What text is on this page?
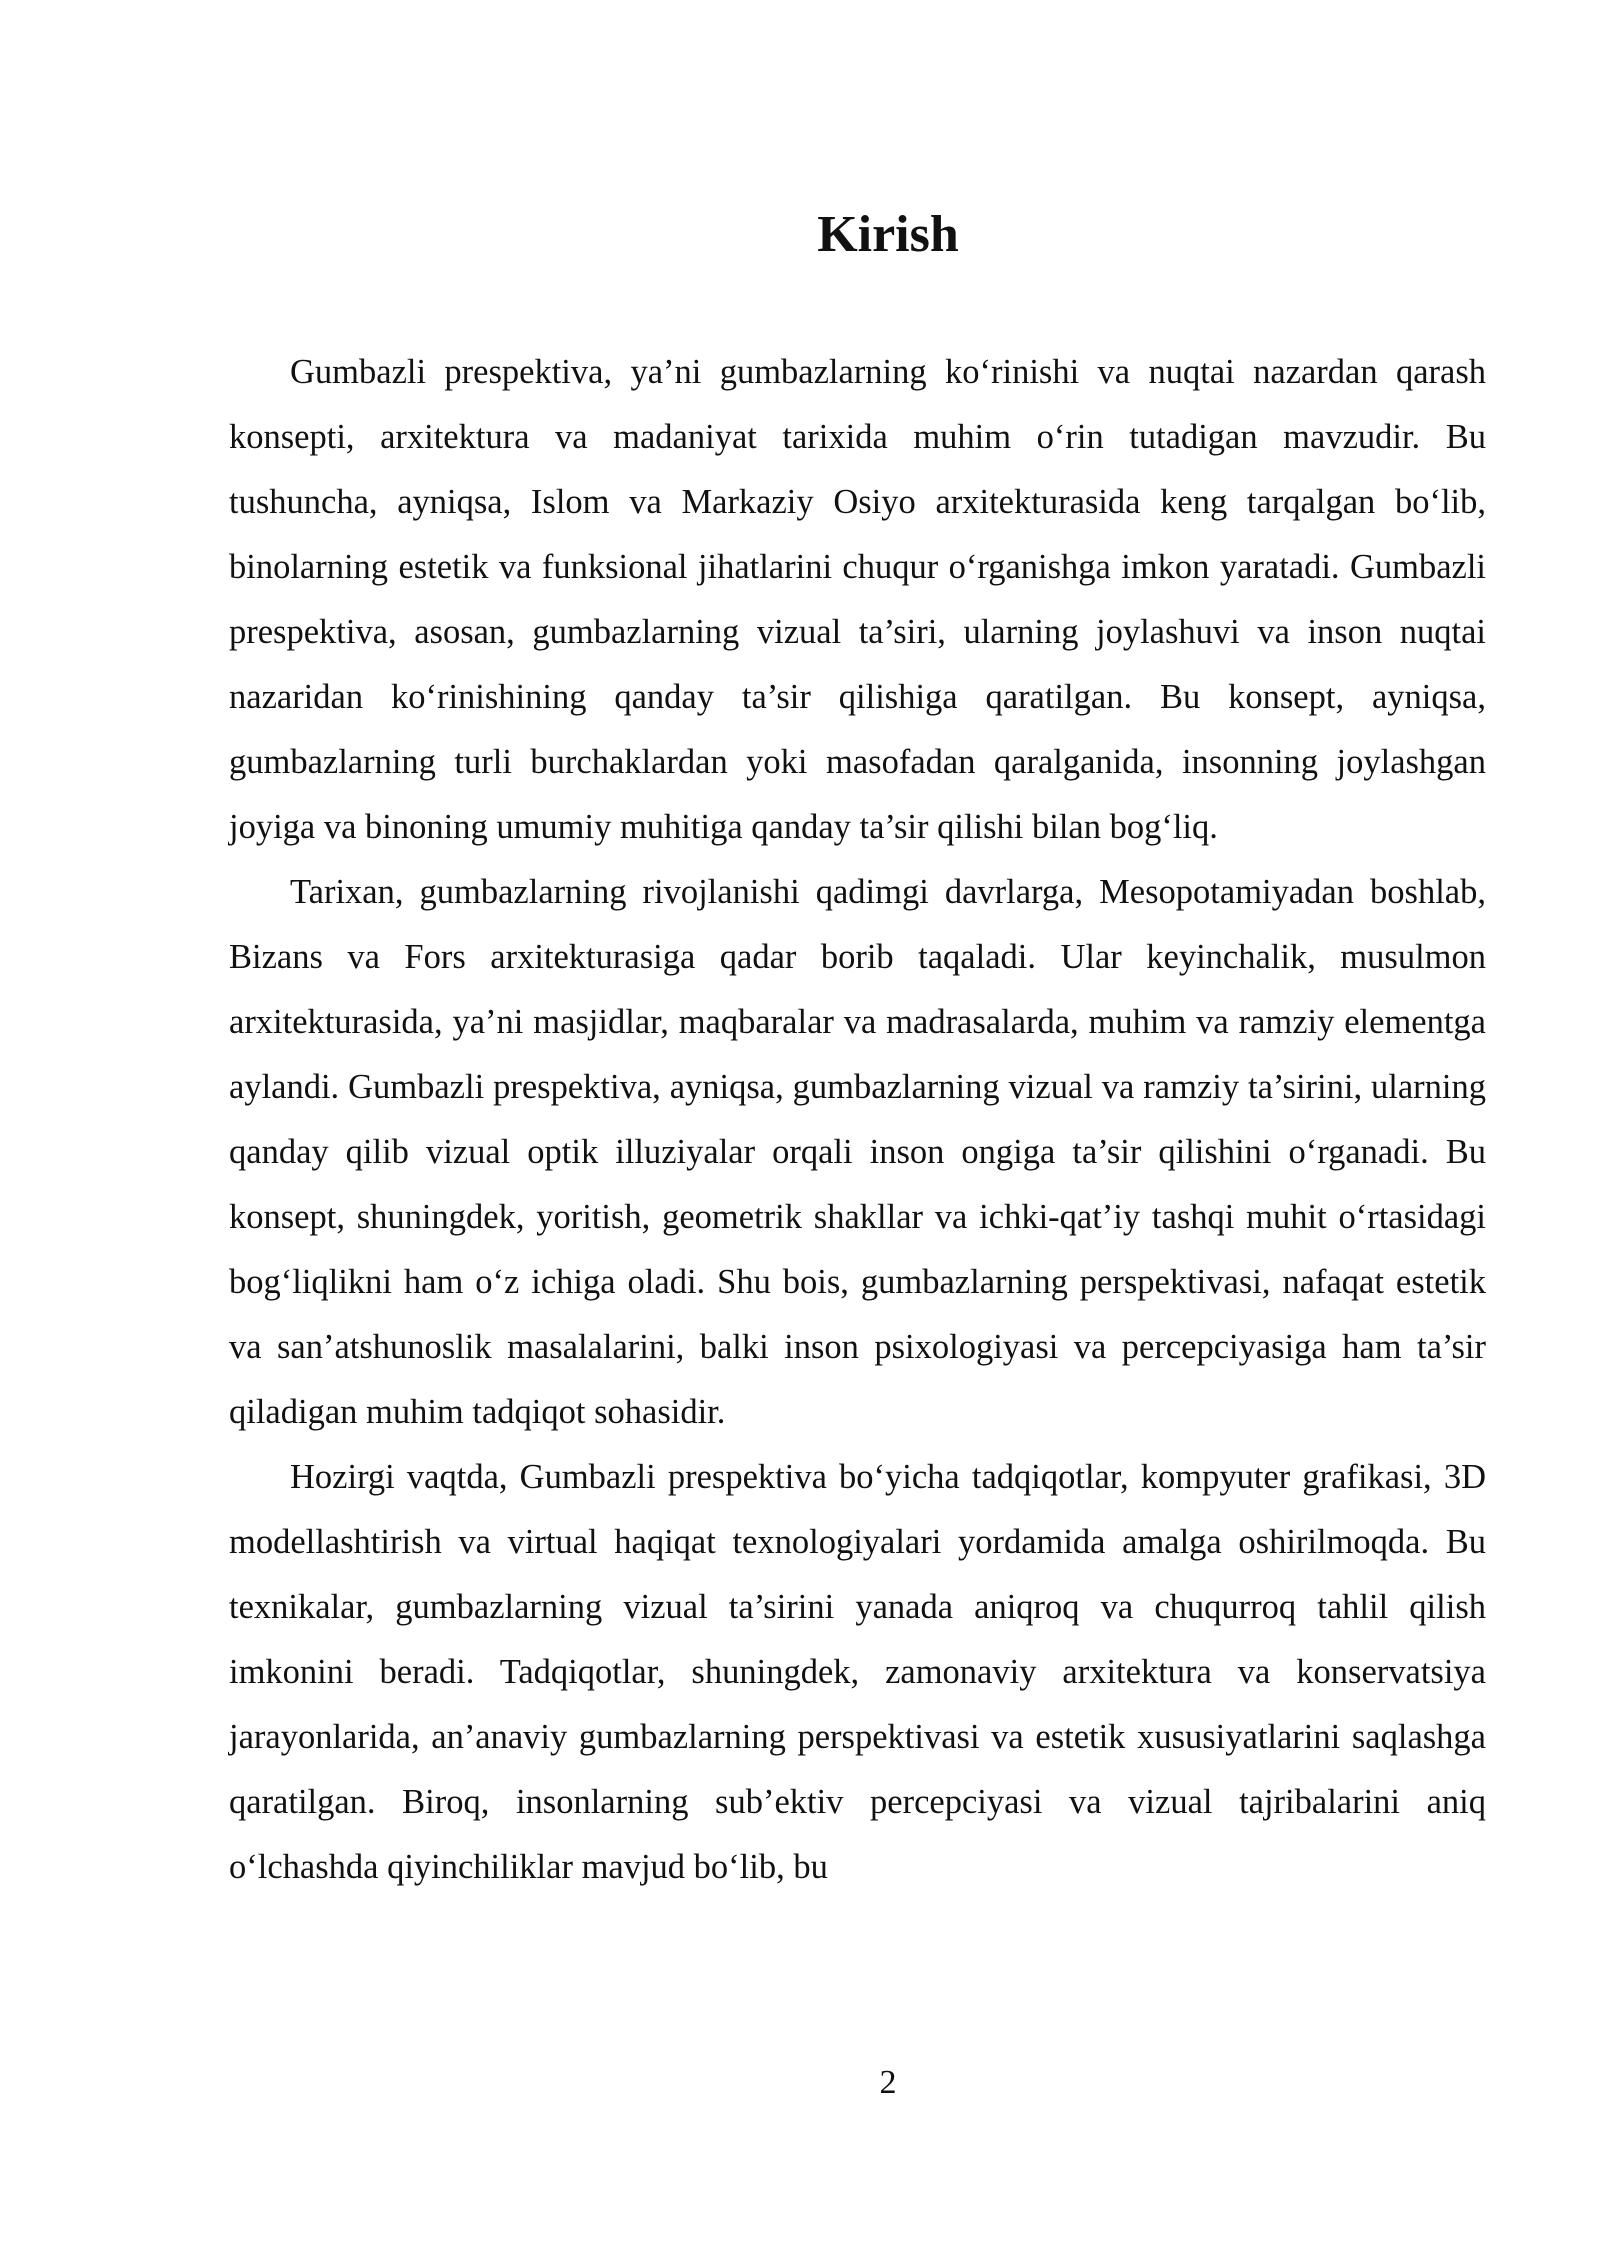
Kirish

Gumbazli prespektiva, ya’ni gumbazlarning ko‘rinishi va nuqtai nazardan qarash konsepti, arxitektura va madaniyat tarixida muhim o‘rin tutadigan mavzudir. Bu tushuncha, ayniqsa, Islom va Markaziy Osiyo arxitekturasida keng tarqalgan bo‘lib, binolarning estetik va funksional jihatlarini chuqur o‘rganishga imkon yaratadi. Gumbazli prespektiva, asosan, gumbazlarning vizual ta’siri, ularning joylashuvi va inson nuqtai nazaridan ko‘rinishining qanday ta’sir qilishiga qaratilgan. Bu konsept, ayniqsa, gumbazlarning turli burchaklardan yoki masofadan qaralganida, insonning joylashgan joyiga va binoning umumiy muhitiga qanday ta’sir qilishi bilan bog‘liq.

Tarixan, gumbazlarning rivojlanishi qadimgi davrlarga, Mesopotamiyadan boshlab, Bizans va Fors arxitekturasiga qadar borib taqaladi. Ular keyinchalik, musulmon arxitekturasida, ya’ni masjidlar, maqbaralar va madrasalarda, muhim va ramziy elementga aylandi. Gumbazli prespektiva, ayniqsa, gumbazlarning vizual va ramziy ta’sirini, ularning qanday qilib vizual optik illuziyalar orqali inson ongiga ta’sir qilishini o‘rganadi. Bu konsept, shuningdek, yoritish, geometrik shakllar va ichki-qat’iy tashqi muhit o‘rtasidagi bog‘liqlikni ham o‘z ichiga oladi. Shu bois, gumbazlarning perspektivasi, nafaqat estetik va san’atshunoslik masalalarini, balki inson psixologiyasi va percepciyasiga ham ta’sir qiladigan muhim tadqiqot sohasidir.

Hozirgi vaqtda, Gumbazli prespektiva bo‘yicha tadqiqotlar, kompyuter grafikasi, 3D modellashtirish va virtual haqiqat texnologiyalari yordamida amalga oshirilmoqda. Bu texnikalar, gumbazlarning vizual ta’sirini yanada aniqroq va chuqurroq tahlil qilish imkonini beradi. Tadqiqotlar, shuningdek, zamonaviy arxitektura va konservatsiya jarayonlarida, an’anaviy gumbazlarning perspektivasi va estetik xususiyatlarini saqlashga qaratilgan. Biroq, insonlarning sub’ektiv percepciyasi va vizual tajribalarini aniq o‘lchashda qiyinchiliklar mavjud bo‘lib, bu

2
